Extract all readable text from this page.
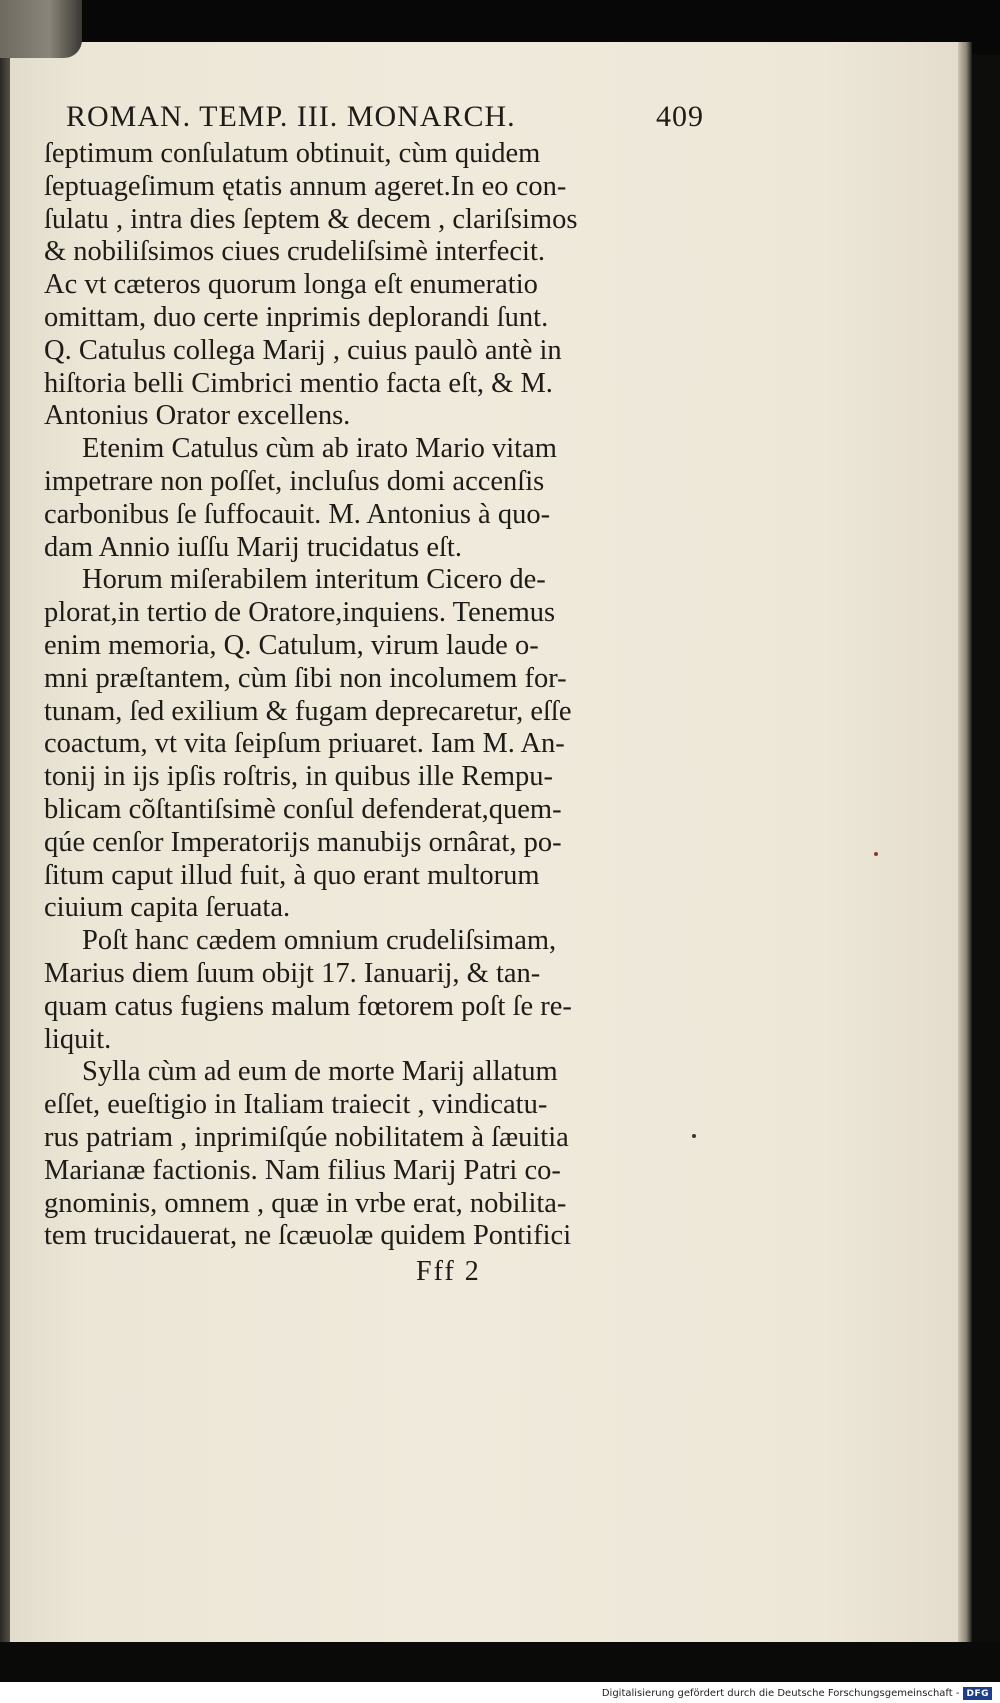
ROMAN. TEMP. III. MONARCH.	409

ſeptimum conſulatum obtinuit, cùm quidem
ſeptuageſimum ętatis annum ageret.In eo con-
ſulatu , intra dies ſeptem & decem , clariſsimos
& nobiliſsimos ciues crudeliſsimè interfecit.
Ac vt cæteros quorum longa eſt enumeratio
omittam, duo certe inprimis deplorandi ſunt.
Q. Catulus collega Marij , cuius paulò antè in
hiſtoria belli Cimbrici mentio facta eſt, & M.
Antonius Orator excellens.

Etenim Catulus cùm ab irato Mario vitam
impetrare non poſſet, incluſus domi accenſis
carbonibus ſe ſuffocauit. M. Antonius à quo-
dam Annio iuſſu Marij trucidatus eſt.

Horum miſerabilem interitum Cicero de-
plorat,in tertio de Oratore,inquiens. Tenemus
enim memoria, Q. Catulum, virum laude o-
mni præſtantem, cùm ſibi non incolumem for-
tunam, ſed exilium & fugam deprecaretur, eſſe
coactum, vt vita ſeipſum priuaret. Iam M. An-
tonij in ijs ipſis roſtris, in quibus ille Rempu-
blicam cõſtantiſsimè conſul defenderat,quem-
qúe cenſor Imperatorijs manubijs ornârat, po-
ſitum caput illud fuit, à quo erant multorum
ciuium capita ſeruata.

Poſt hanc cædem omnium crudeliſsimam,
Marius diem ſuum obijt 17. Ianuarij, & tan-
quam catus fugiens malum fœtorem poſt ſe re-
liquit.

Sylla cùm ad eum de morte Marij allatum
eſſet, eueſtigio in Italiam traiecit , vindicatu-
rus patriam , inprimiſqúe nobilitatem à ſæuitia
Marianæ factionis. Nam filius Marij Patri co-
gnominis, omnem , quæ in vrbe erat, nobilita-
tem trucidauerat, ne ſcæuolæ quidem Pontifici

Fff 2
Digitalisierung gefördert durch die Deutsche Forschungsgemeinschaft - DFG
